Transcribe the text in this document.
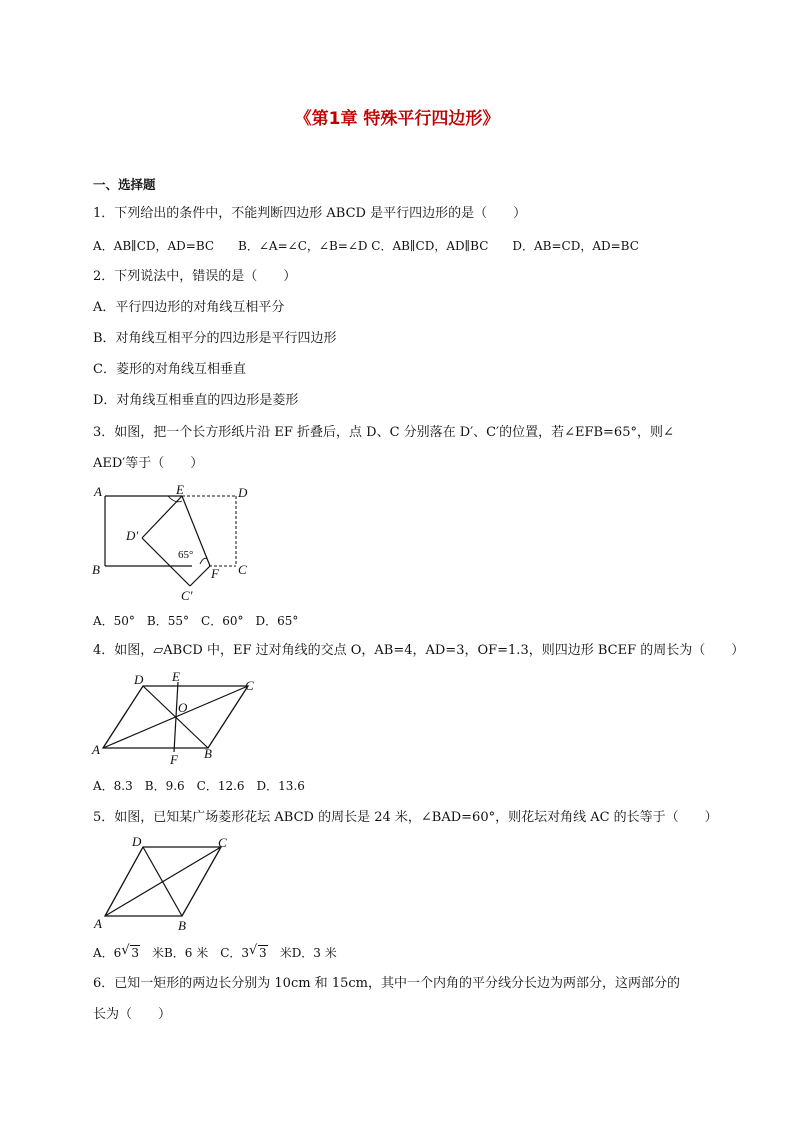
《第1章 特殊平行四边形》
一、选择题
1．下列给出的条件中，不能判断四边形 ABCD 是平行四边形的是（　　）
A．AB∥CD，AD=BC　　B．∠A=∠C，∠B=∠D C．AB∥CD，AD∥BC　　D．AB=CD，AD=BC
2．下列说法中，错误的是（　　）
A．平行四边形的对角线互相平分
B．对角线互相平分的四边形是平行四边形
C．菱形的对角线互相垂直
D．对角线互相垂直的四边形是菱形
3．如图，把一个长方形纸片沿 EF 折叠后，点 D、C 分别落在 D′、C′的位置，若∠EFB=65°，则∠
AED′等于（　　）
A	E	D
D′
65°
B	C
F
C′
A．50°　B．55°　C．60°　D．65°
4．如图，▱ABCD 中，EF 过对角线的交点 O，AB=4，AD=3，OF=1.3，则四边形 BCEF 的周长为（　　）
D E
C
O
A
F B
A．8.3　B．9.6　C．12.6　D．13.6
5．如图，已知某广场菱形花坛 ABCD 的周长是 24 米，∠BAD=60°，则花坛对角线 AC 的长等于（　　）
D	C
A	B
A．6 √ 3　米B．6 米　C．3 √ 3　米D．3 米
6．已知一矩形的两边长分别为 10cm 和 15cm，其中一个内角的平分线分长边为两部分，这两部分的
长为（　　）
